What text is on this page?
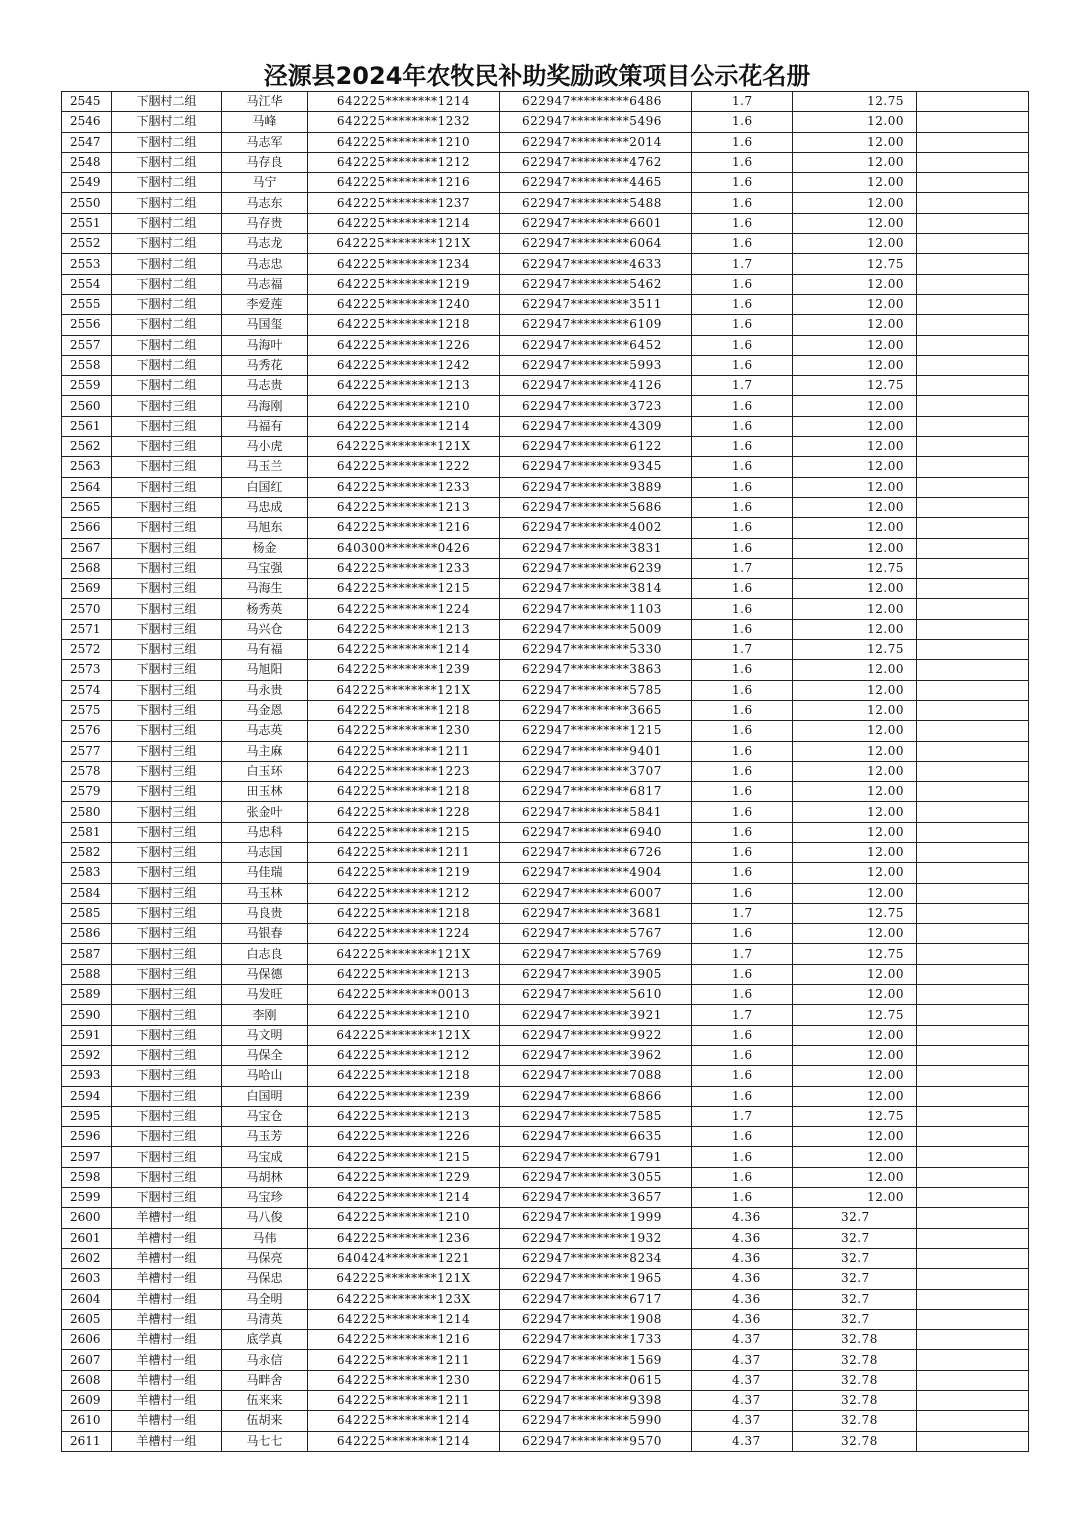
泾源县2024年农牧民补助奖励政策项目公示花名册
2545	下胭村二组	马江华	642225********1214	622947*********6486	1.7	12.75	
2546	下胭村二组	马峰	642225********1232	622947*********5496	1.6	12.00	
2547	下胭村二组	马志军	642225********1210	622947*********2014	1.6	12.00	
2548	下胭村二组	马存良	642225********1212	622947*********4762	1.6	12.00	
2549	下胭村二组	马宁	642225********1216	622947*********4465	1.6	12.00	
2550	下胭村二组	马志东	642225********1237	622947*********5488	1.6	12.00	
2551	下胭村二组	马存贵	642225********1214	622947*********6601	1.6	12.00	
2552	下胭村二组	马志龙	642225********121X	622947*********6064	1.6	12.00	
2553	下胭村二组	马志忠	642225********1234	622947*********4633	1.7	12.75	
2554	下胭村二组	马志福	642225********1219	622947*********5462	1.6	12.00	
2555	下胭村二组	李爱莲	642225********1240	622947*********3511	1.6	12.00	
2556	下胭村二组	马国玺	642225********1218	622947*********6109	1.6	12.00	
2557	下胭村二组	马海叶	642225********1226	622947*********6452	1.6	12.00	
2558	下胭村二组	马秀花	642225********1242	622947*********5993	1.6	12.00	
2559	下胭村二组	马志贵	642225********1213	622947*********4126	1.7	12.75	
2560	下胭村三组	马海刚	642225********1210	622947*********3723	1.6	12.00	
2561	下胭村三组	马福有	642225********1214	622947*********4309	1.6	12.00	
2562	下胭村三组	马小虎	642225********121X	622947*********6122	1.6	12.00	
2563	下胭村三组	马玉兰	642225********1222	622947*********9345	1.6	12.00	
2564	下胭村三组	白国红	642225********1233	622947*********3889	1.6	12.00	
2565	下胭村三组	马忠成	642225********1213	622947*********5686	1.6	12.00	
2566	下胭村三组	马旭东	642225********1216	622947*********4002	1.6	12.00	
2567	下胭村三组	杨金	640300********0426	622947*********3831	1.6	12.00	
2568	下胭村三组	马宝强	642225********1233	622947*********6239	1.7	12.75	
2569	下胭村三组	马海生	642225********1215	622947*********3814	1.6	12.00	
2570	下胭村三组	杨秀英	642225********1224	622947*********1103	1.6	12.00	
2571	下胭村三组	马兴仓	642225********1213	622947*********5009	1.6	12.00	
2572	下胭村三组	马有福	642225********1214	622947*********5330	1.7	12.75	
2573	下胭村三组	马旭阳	642225********1239	622947*********3863	1.6	12.00	
2574	下胭村三组	马永贵	642225********121X	622947*********5785	1.6	12.00	
2575	下胭村三组	马金恩	642225********1218	622947*********3665	1.6	12.00	
2576	下胭村三组	马志英	642225********1230	622947*********1215	1.6	12.00	
2577	下胭村三组	马主麻	642225********1211	622947*********9401	1.6	12.00	
2578	下胭村三组	白玉环	642225********1223	622947*********3707	1.6	12.00	
2579	下胭村三组	田玉林	642225********1218	622947*********6817	1.6	12.00	
2580	下胭村三组	张金叶	642225********1228	622947*********5841	1.6	12.00	
2581	下胭村三组	马忠科	642225********1215	622947*********6940	1.6	12.00	
2582	下胭村三组	马志国	642225********1211	622947*********6726	1.6	12.00	
2583	下胭村三组	马佳瑞	642225********1219	622947*********4904	1.6	12.00	
2584	下胭村三组	马玉林	642225********1212	622947*********6007	1.6	12.00	
2585	下胭村三组	马良贵	642225********1218	622947*********3681	1.7	12.75	
2586	下胭村三组	马银春	642225********1224	622947*********5767	1.6	12.00	
2587	下胭村三组	白志良	642225********121X	622947*********5769	1.7	12.75	
2588	下胭村三组	马保德	642225********1213	622947*********3905	1.6	12.00	
2589	下胭村三组	马发旺	642225********0013	622947*********5610	1.6	12.00	
2590	下胭村三组	李刚	642225********1210	622947*********3921	1.7	12.75	
2591	下胭村三组	马文明	642225********121X	622947*********9922	1.6	12.00	
2592	下胭村三组	马保全	642225********1212	622947*********3962	1.6	12.00	
2593	下胭村三组	马哈山	642225********1218	622947*********7088	1.6	12.00	
2594	下胭村三组	白国明	642225********1239	622947*********6866	1.6	12.00	
2595	下胭村三组	马宝仓	642225********1213	622947*********7585	1.7	12.75	
2596	下胭村三组	马玉芳	642225********1226	622947*********6635	1.6	12.00	
2597	下胭村三组	马宝成	642225********1215	622947*********6791	1.6	12.00	
2598	下胭村三组	马胡林	642225********1229	622947*********3055	1.6	12.00	
2599	下胭村三组	马宝珍	642225********1214	622947*********3657	1.6	12.00	
2600	羊槽村一组	马八俊	642225********1210	622947*********1999	4.36	32.7	
2601	羊槽村一组	马伟	642225********1236	622947*********1932	4.36	32.7	
2602	羊槽村一组	马保亮	640424********1221	622947*********8234	4.36	32.7	
2603	羊槽村一组	马保忠	642225********121X	622947*********1965	4.36	32.7	
2604	羊槽村一组	马全明	642225********123X	622947*********6717	4.36	32.7	
2605	羊槽村一组	马清英	642225********1214	622947*********1908	4.36	32.7	
2606	羊槽村一组	底学真	642225********1216	622947*********1733	4.37	32.78	
2607	羊槽村一组	马永信	642225********1211	622947*********1569	4.37	32.78	
2608	羊槽村一组	马畔舍	642225********1230	622947*********0615	4.37	32.78	
2609	羊槽村一组	伍来来	642225********1211	622947*********9398	4.37	32.78	
2610	羊槽村一组	伍胡来	642225********1214	622947*********5990	4.37	32.78	
2611	羊槽村一组	马七七	642225********1214	622947*********9570	4.37	32.78	
